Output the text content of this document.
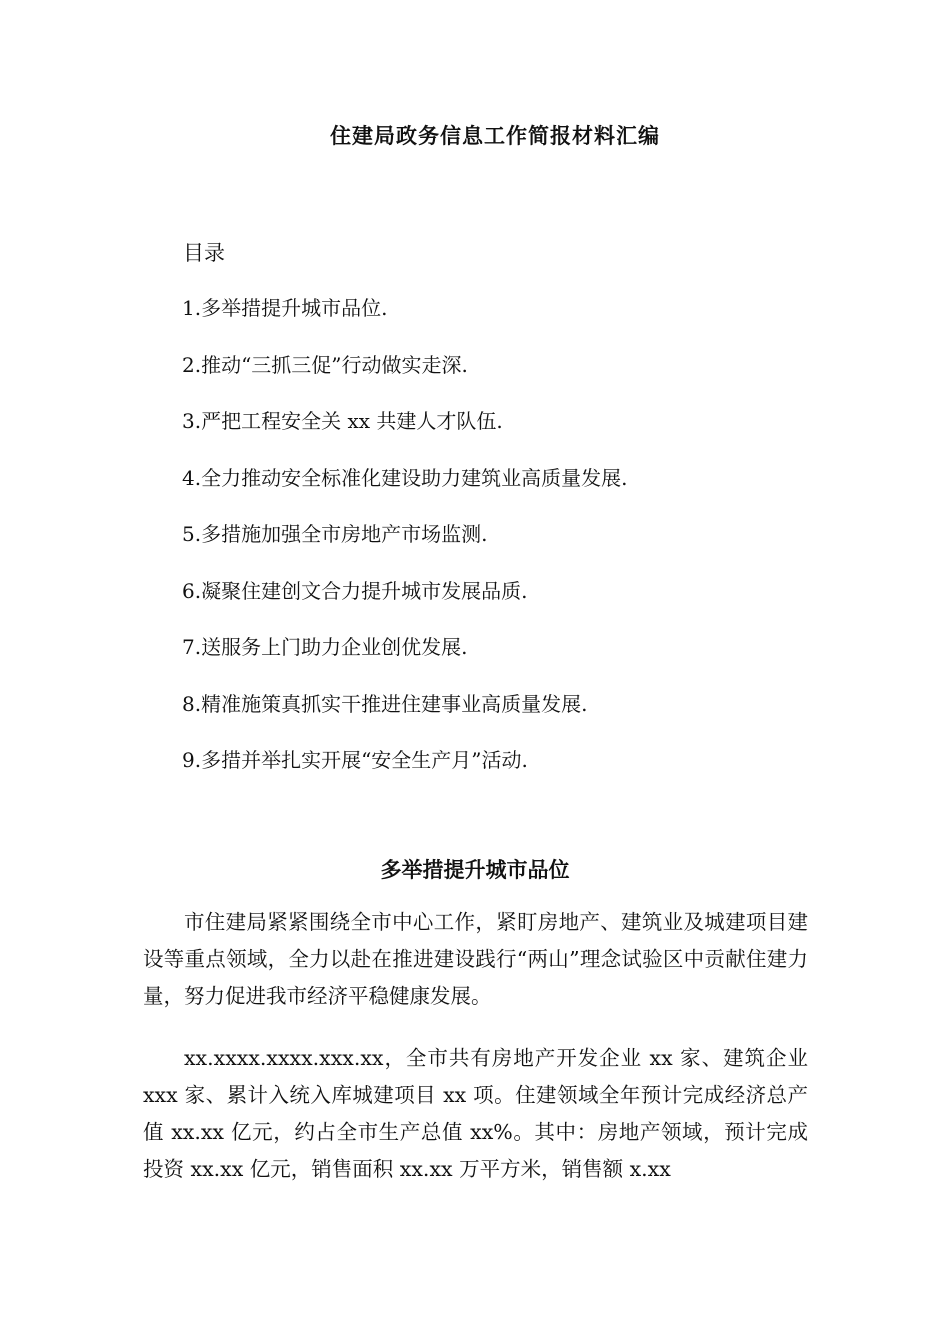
住建局政务信息工作简报材料汇编
目录
1.多举措提升城市品位.
2.推动“三抓三促”行动做实走深.
3.严把工程安全关 xx 共建人才队伍.
4.全力推动安全标准化建设助力建筑业高质量发展.
5.多措施加强全市房地产市场监测.
6.凝聚住建创文合力提升城市发展品质.
7.送服务上门助力企业创优发展.
8.精准施策真抓实干推进住建事业高质量发展.
9.多措并举扎实开展“安全生产月”活动.
多举措提升城市品位

市住建局紧紧围绕全市中心工作，紧盯房地产、建筑业及城建项目建设等重点领域，全力以赴在推进建设践行“两山”理念试验区中贡献住建力量，努力促进我市经济平稳健康发展。

xx.xxxx.xxxx.xxx.xx，全市共有房地产开发企业 xx 家、建筑企业 xxx 家、累计入统入库城建项目 xx 项。住建领域全年预计完成经济总产值 xx.xx 亿元，约占全市生产总值 xx%。其中：房地产领域，预计完成投资 xx.xx 亿元，销售面积 xx.xx 万平方米，销售额 x.xx
